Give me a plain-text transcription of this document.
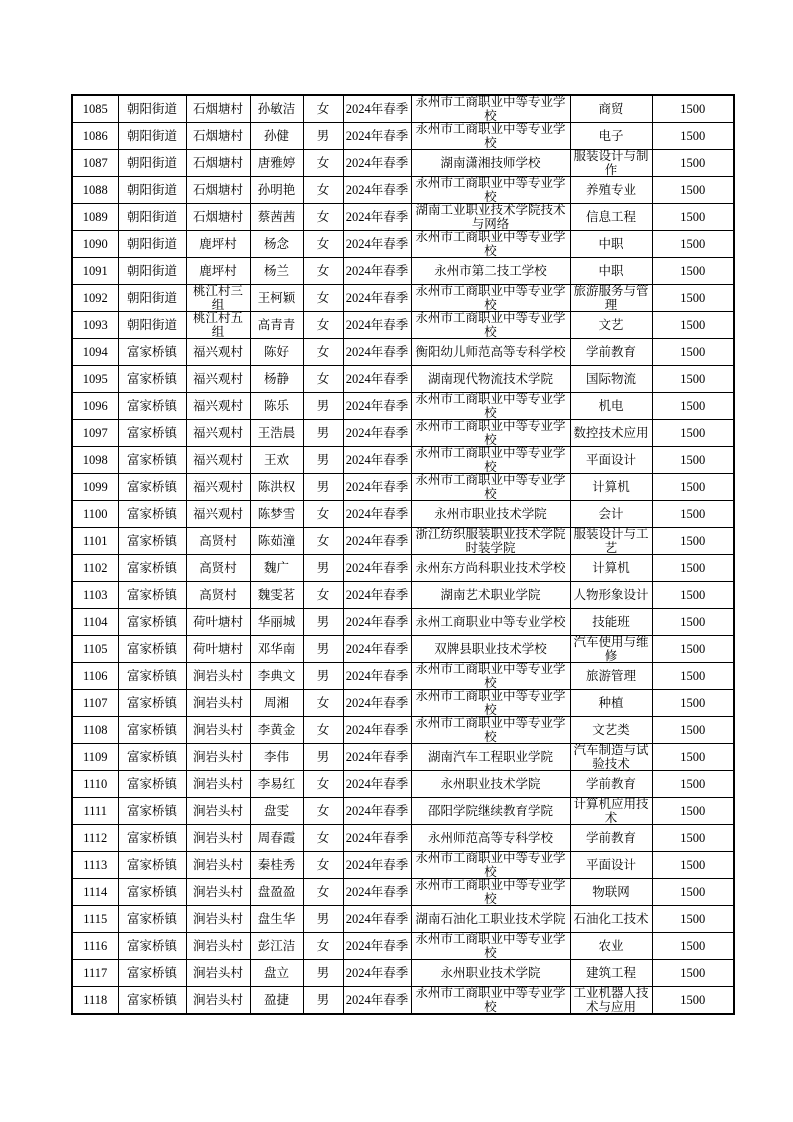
1085	朝阳街道	石烟塘村	孙敏洁	女	2024年春季	永州市工商职业中等专业学校	商贸	1500

1086	朝阳街道	石烟塘村	孙健	男	2024年春季	永州市工商职业中等专业学校	电子	1500

1087	朝阳街道	石烟塘村	唐雅婷	女	2024年春季	湖南潇湘技师学校	服装设计与制作	1500

1088	朝阳街道	石烟塘村	孙明艳	女	2024年春季	永州市工商职业中等专业学校	养殖专业	1500

1089	朝阳街道	石烟塘村	蔡茜茜	女	2024年春季	湖南工业职业技术学院技术与网络	信息工程	1500

1090	朝阳街道	鹿坪村	杨念	女	2024年春季	永州市工商职业中等专业学校	中职	1500

1091	朝阳街道	鹿坪村	杨兰	女	2024年春季	永州市第二技工学校	中职	1500

1092	朝阳街道	桃江村三组	王柯颖	女	2024年春季	永州市工商职业中等专业学校	旅游服务与管理	1500

1093	朝阳街道	桃江村五组	高青青	女	2024年春季	永州市工商职业中等专业学校	文艺	1500

1094	富家桥镇	福兴观村	陈好	女	2024年春季	衡阳幼儿师范高等专科学校	学前教育	1500

1095	富家桥镇	福兴观村	杨静	女	2024年春季	湖南现代物流技术学院	国际物流	1500

1096	富家桥镇	福兴观村	陈乐	男	2024年春季	永州市工商职业中等专业学校	机电	1500

1097	富家桥镇	福兴观村	王浩晨	男	2024年春季	永州市工商职业中等专业学校	数控技术应用	1500

1098	富家桥镇	福兴观村	王欢	男	2024年春季	永州市工商职业中等专业学校	平面设计	1500

1099	富家桥镇	福兴观村	陈洪权	男	2024年春季	永州市工商职业中等专业学校	计算机	1500

1100	富家桥镇	福兴观村	陈梦雪	女	2024年春季	永州市职业技术学院	会计	1500

1101	富家桥镇	高贤村	陈茹潼	女	2024年春季	浙江纺织服装职业技术学院时装学院	服装设计与工艺	1500

1102	富家桥镇	高贤村	魏广	男	2024年春季	永州东方尚科职业技术学校	计算机	1500

1103	富家桥镇	高贤村	魏雯茗	女	2024年春季	湖南艺术职业学院	人物形象设计	1500

1104	富家桥镇	荷叶塘村	华丽城	男	2024年春季	永州工商职业中等专业学校	技能班	1500

1105	富家桥镇	荷叶塘村	邓华南	男	2024年春季	双牌县职业技术学校	汽车使用与维修	1500

1106	富家桥镇	涧岩头村	李典文	男	2024年春季	永州市工商职业中等专业学校	旅游管理	1500

1107	富家桥镇	涧岩头村	周湘	女	2024年春季	永州市工商职业中等专业学校	种植	1500

1108	富家桥镇	涧岩头村	李黄金	女	2024年春季	永州市工商职业中等专业学校	文艺类	1500

1109	富家桥镇	涧岩头村	李伟	男	2024年春季	湖南汽车工程职业学院	汽车制造与试验技术	1500

1110	富家桥镇	涧岩头村	李易红	女	2024年春季	永州职业技术学院	学前教育	1500

1111	富家桥镇	涧岩头村	盘雯	女	2024年春季	邵阳学院继续教育学院	计算机应用技术	1500

1112	富家桥镇	涧岩头村	周春霞	女	2024年春季	永州师范高等专科学校	学前教育	1500

1113	富家桥镇	涧岩头村	秦桂秀	女	2024年春季	永州市工商职业中等专业学校	平面设计	1500

1114	富家桥镇	涧岩头村	盘盈盈	女	2024年春季	永州市工商职业中等专业学校	物联网	1500

1115	富家桥镇	涧岩头村	盘生华	男	2024年春季	湖南石油化工职业技术学院	石油化工技术	1500

1116	富家桥镇	涧岩头村	彭江洁	女	2024年春季	永州市工商职业中等专业学校	农业	1500

1117	富家桥镇	涧岩头村	盘立	男	2024年春季	永州职业技术学院	建筑工程	1500

1118	富家桥镇	涧岩头村	盈捷	男	2024年春季	永州市工商职业中等专业学校	工业机器人技术与应用	1500
